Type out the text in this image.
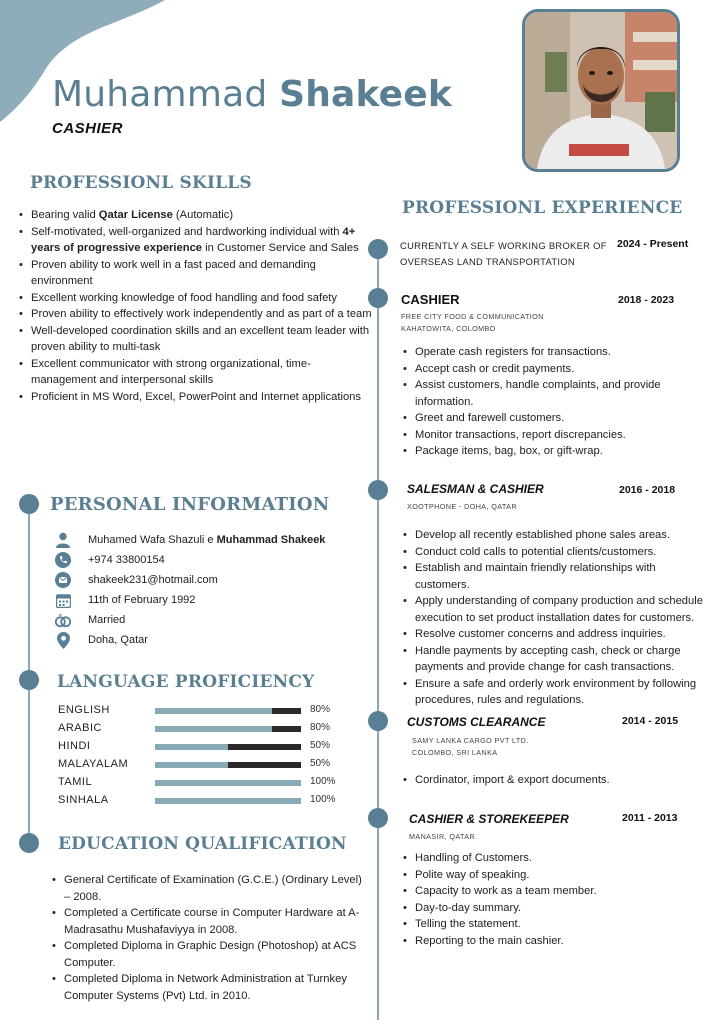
Muhammad Shakeek
CASHIER
PROFESSIONL SKILLS
• Bearing valid Qatar License (Automatic)
• Self-motivated, well-organized and hardworking individual with 4+ years of progressive experience in Customer Service and Sales
• Proven ability to work well in a fast paced and demanding environment
• Excellent working knowledge of food handling and food safety
• Proven ability to effectively work independently and as part of a team
• Well-developed coordination skills and an excellent team leader with proven ability to multi-task
• Excellent communicator with strong organizational, time-management and interpersonal skills
• Proficient in MS Word, Excel, PowerPoint and Internet applications
PERSONAL INFORMATION
Muhamed Wafa Shazuli e Muhammad Shakeek
+974 33800154
shakeek231@hotmail.com
11th of February 1992
Married
Doha, Qatar
LANGUAGE PROFICIENCY
ENGLISH	80%
ARABIC	80%
HINDI	50%
MALAYALAM	50%
TAMIL	100%
SINHALA	100%
EDUCATION QUALIFICATION
• General Certificate of Examination (G.C.E.) (Ordinary Level) – 2008.
• Completed a Certificate course in Computer Hardware at A-Madrasathu Mushafaviyya in 2008.
• Completed Diploma in Graphic Design (Photoshop) at ACS Computer.
• Completed Diploma in Network Administration at Turnkey Computer Systems (Pvt) Ltd. in 2010.
PROFESSIONL EXPERIENCE
CURRENTLY A SELF WORKING BROKER OF
OVERSEAS LAND TRANSPORTATION
2024 - Present
CASHIER	2018 - 2023
FREE CITY FOOD & COMMUNICATION
KAHATOWITA, COLOMBO
• Operate cash registers for transactions.
• Accept cash or credit payments.
• Assist customers, handle complaints, and provide information.
• Greet and farewell customers.
• Monitor transactions, report discrepancies.
• Package items, bag, box, or gift-wrap.
SALESMAN & CASHIER	2016 - 2018
XOOTPHONE - DOHA, QATAR
• Develop all recently established phone sales areas.
• Conduct cold calls to potential clients/customers.
• Establish and maintain friendly relationships with customers.
• Apply understanding of company production and schedule execution to set product installation dates for customers.
• Resolve customer concerns and address inquiries.
• Handle payments by accepting cash, check or charge payments and provide change for cash transactions.
• Ensure a safe and orderly work environment by following procedures, rules and regulations.
CUSTOMS CLEARANCE	2014 - 2015
SAMY LANKA CARGO PVT LTD.
COLOMBO, SRI LANKA
• Cordinator, import & export documents.
CASHIER & STOREKEEPER	2011 - 2013
MANASIR, QATAR.
• Handling of Customers.
• Polite way of speaking.
• Capacity to work as a team member.
• Day-to-day summary.
• Telling the statement.
• Reporting to the main cashier.
